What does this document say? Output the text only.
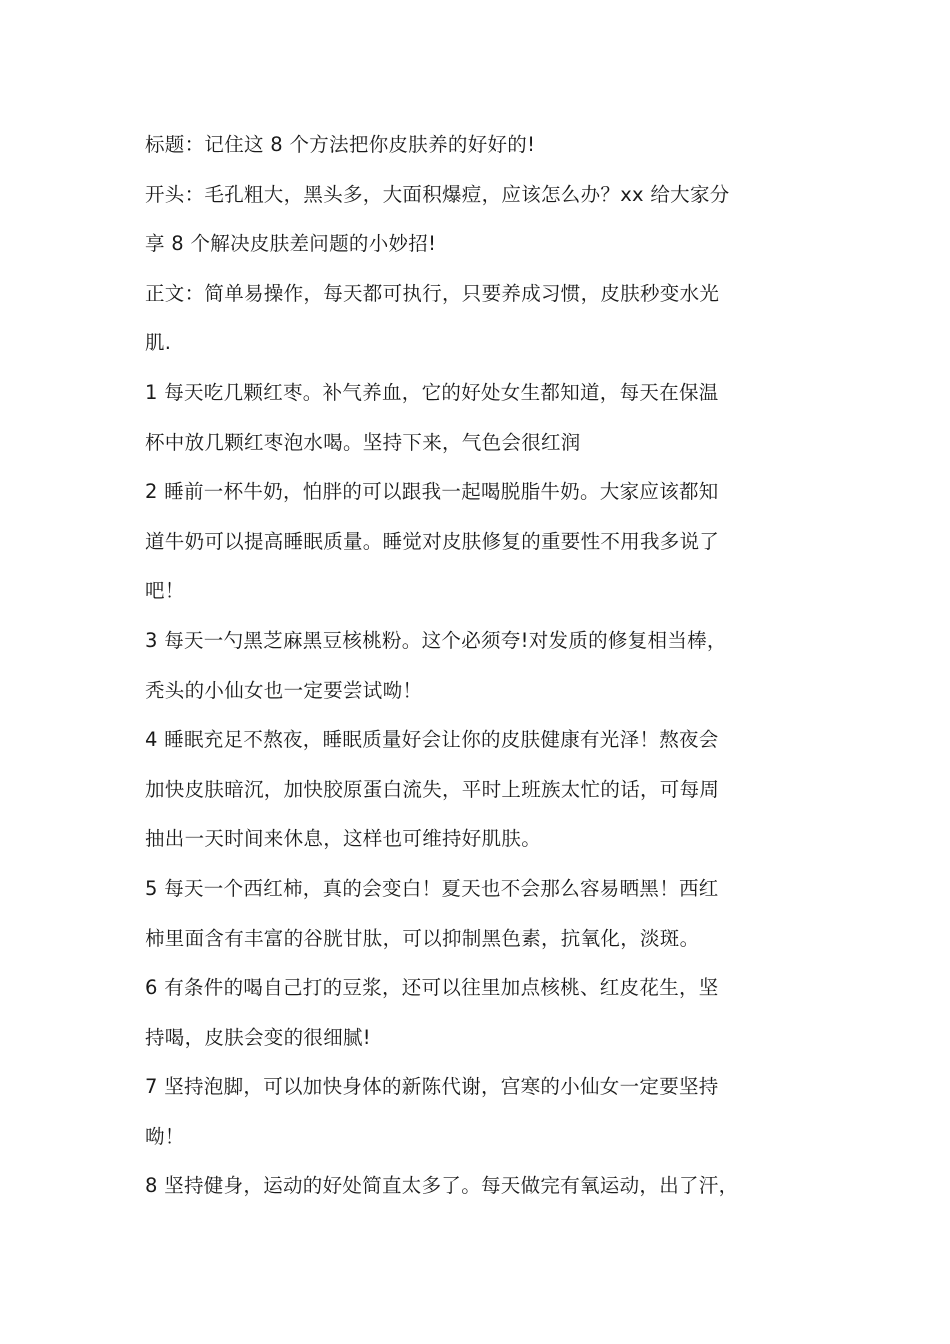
标题：记住这 8 个方法把你皮肤养的好好的!

开头：毛孔粗大，黑头多，大面积爆痘，应该怎么办？xx 给大家分
享 8 个解决皮肤差问题的小妙招!

正文：简单易操作，每天都可执行，只要养成习惯，皮肤秒变水光
肌.

1 每天吃几颗红枣。补气养血，它的好处女生都知道，每天在保温
杯中放几颗红枣泡水喝。坚持下来，气色会很红润

2 睡前一杯牛奶，怕胖的可以跟我一起喝脱脂牛奶。大家应该都知
道牛奶可以提高睡眠质量。睡觉对皮肤修复的重要性不用我多说了
吧！

3 每天一勺黑芝麻黑豆核桃粉。这个必须夸!对发质的修复相当棒，
秃头的小仙女也一定要尝试呦！

4 睡眠充足不熬夜，睡眠质量好会让你的皮肤健康有光泽！熬夜会
加快皮肤暗沉，加快胶原蛋白流失，平时上班族太忙的话，可每周
抽出一天时间来休息，这样也可维持好肌肤。

5 每天一个西红柿，真的会变白！夏天也不会那么容易晒黑！西红
柿里面含有丰富的谷胱甘肽，可以抑制黑色素，抗氧化，淡斑。

6 有条件的喝自己打的豆浆，还可以往里加点核桃、红皮花生，坚
持喝，皮肤会变的很细腻!

7 坚持泡脚，可以加快身体的新陈代谢，宫寒的小仙女一定要坚持
呦！

8 坚持健身，运动的好处简直太多了。每天做完有氧运动，出了汗，
